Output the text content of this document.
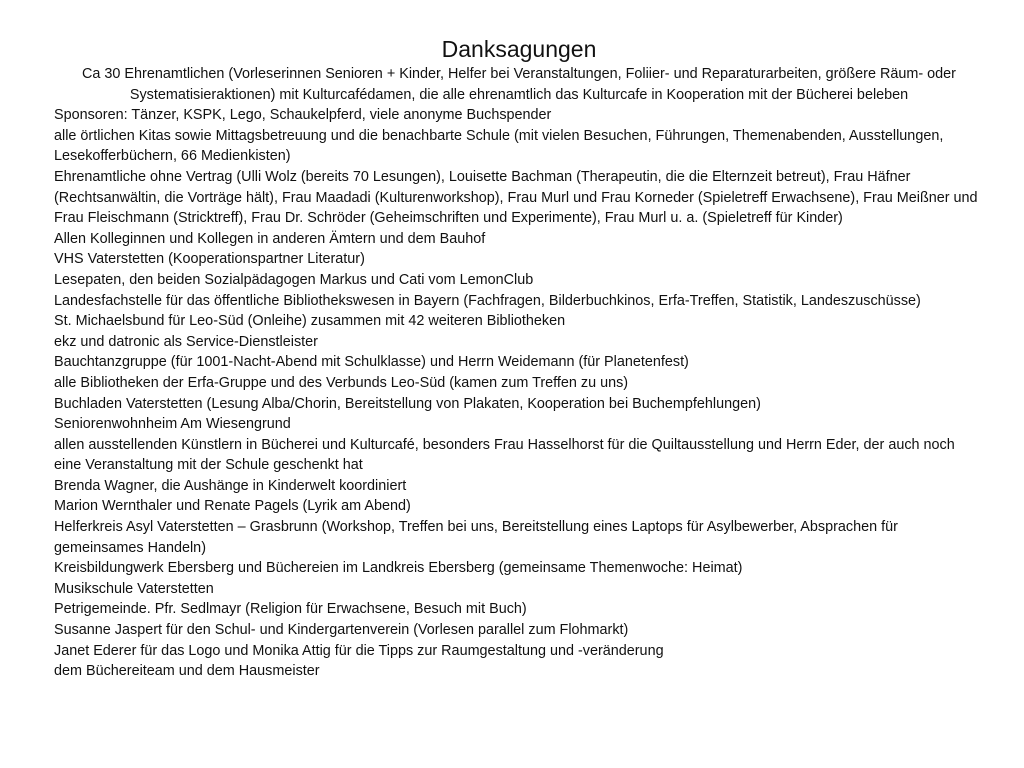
Danksagungen

Ca 30 Ehrenamtlichen (Vorleserinnen Senioren + Kinder, Helfer bei Veranstaltungen, Foliier- und Reparaturarbeiten, größere Räum- oder Systematisieraktionen) mit Kulturcafédamen, die alle ehrenamtlich das Kulturcafe in Kooperation mit der Bücherei beleben

Sponsoren: Tänzer, KSPK, Lego, Schaukelpferd, viele anonyme Buchspender
alle örtlichen Kitas sowie Mittagsbetreuung und die benachbarte Schule (mit vielen Besuchen, Führungen, Themenabenden, Ausstellungen, Lesekofferbüchern, 66 Medienkisten)
Ehrenamtliche ohne Vertrag (Ulli Wolz (bereits 70 Lesungen), Louisette Bachman (Therapeutin, die die Elternzeit betreut), Frau Häfner (Rechtsanwältin, die Vorträge hält), Frau Maadadi (Kulturenworkshop), Frau Murl und Frau Korneder (Spieletreff Erwachsene), Frau Meißner und Frau Fleischmann (Stricktreff), Frau Dr. Schröder (Geheimschriften und Experimente), Frau Murl u. a. (Spieletreff für Kinder)
Allen Kolleginnen und Kollegen in anderen Ämtern und dem Bauhof
VHS Vaterstetten (Kooperationspartner Literatur)
Lesepaten, den beiden Sozialpädagogen Markus und Cati vom LemonClub
Landesfachstelle für das öffentliche Bibliothekswesen in Bayern (Fachfragen, Bilderbuchkinos, Erfa-Treffen, Statistik, Landeszuschüsse)
St. Michaelsbund für Leo-Süd (Onleihe) zusammen mit 42 weiteren Bibliotheken
ekz und datronic als Service-Dienstleister
Bauchtanzgruppe (für 1001-Nacht-Abend mit Schulklasse) und Herrn Weidemann (für Planetenfest)
alle Bibliotheken der Erfa-Gruppe und des Verbunds Leo-Süd (kamen zum Treffen zu uns)
Buchladen Vaterstetten (Lesung Alba/Chorin, Bereitstellung von Plakaten, Kooperation bei Buchempfehlungen)
Seniorenwohnheim Am Wiesengrund
allen ausstellenden Künstlern in Bücherei und Kulturcafé, besonders Frau Hasselhorst für die Quiltausstellung und Herrn Eder, der auch noch eine Veranstaltung mit der Schule geschenkt hat
Brenda Wagner, die Aushänge in Kinderwelt koordiniert
Marion Wernthaler und Renate Pagels (Lyrik am Abend)
Helferkreis Asyl Vaterstetten – Grasbrunn (Workshop, Treffen bei uns, Bereitstellung eines Laptops für Asylbewerber, Absprachen für gemeinsames Handeln)
Kreisbildungwerk Ebersberg und Büchereien im Landkreis Ebersberg (gemeinsame Themenwoche: Heimat)
Musikschule Vaterstetten
Petrigemeinde. Pfr. Sedlmayr (Religion für Erwachsene, Besuch mit Buch)
Susanne Jaspert für den Schul- und Kindergartenverein (Vorlesen parallel zum Flohmarkt)
Janet Ederer für das Logo und Monika Attig für die Tipps zur Raumgestaltung und -veränderung
dem Büchereiteam und dem Hausmeister
